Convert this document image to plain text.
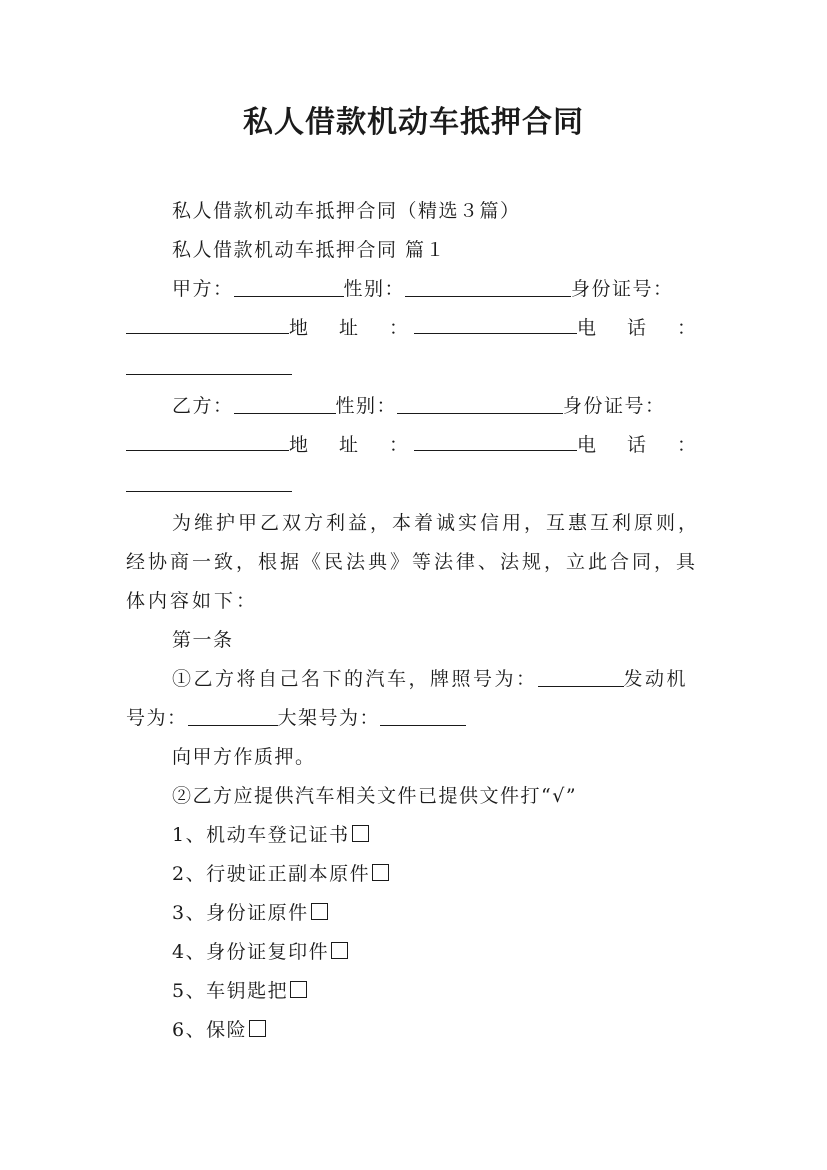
私人借款机动车抵押合同
私人借款机动车抵押合同（精选３篇）
私人借款机动车抵押合同 篇１
甲方：	性别：	身份证号：
地　址　：	电　话　：
乙方：	性别：	身份证号：
地　址　：	电　话　：
为维护甲乙双方利益，本着诚实信用，互惠互利原则，
经协商一致，根据《民法典》等法律、法规，立此合同，具
体内容如下：
第一条
①乙方将自己名下的汽车，牌照号为：	发动机
号为：	大架号为：
向甲方作质押。
②乙方应提供汽车相关文件已提供文件打“√”
1、机动车登记证书
2、行驶证正副本原件
3、身份证原件
4、身份证复印件
5、车钥匙把
6、保险
